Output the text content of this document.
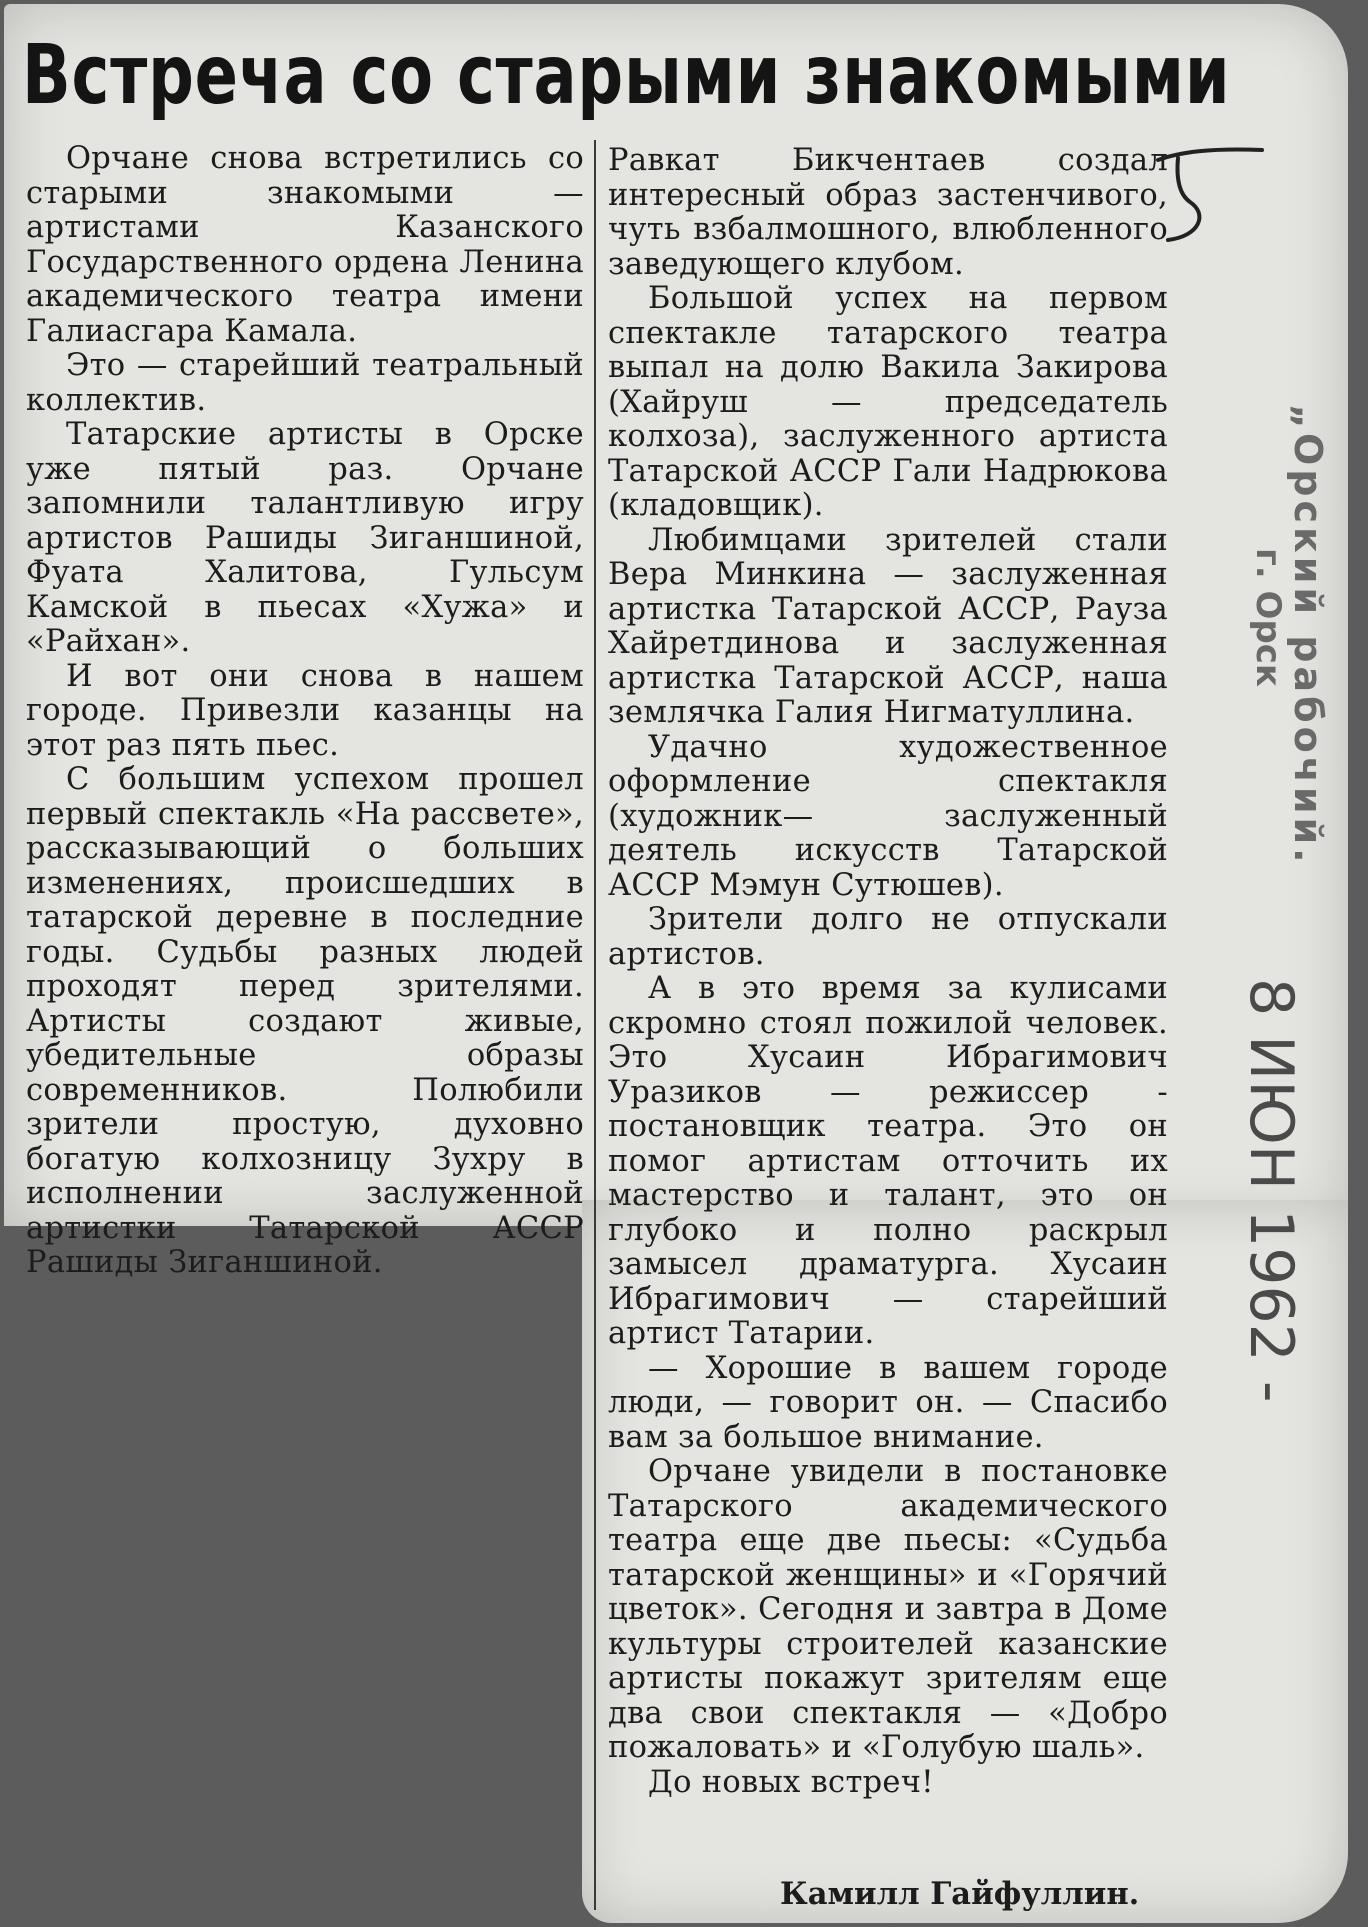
Встреча со старыми знакомыми

Орчане снова встретились со старыми знакомыми — артистами Казанского Государственного ордена Ленина академического театра имени Галиасгара Камала.

Это — старейший театральный коллектив.

Татарские артисты в Орске уже пятый раз. Орчане запомнили талантливую игру артистов Рашиды Зиганшиной, Фуата Халитова, Гульсум Камской в пьесах «Хужа» и «Райхан».

И вот они снова в нашем городе. Привезли казанцы на этот раз пять пьес.

С большим успехом прошел первый спектакль «На рассвете», рассказывающий о больших изменениях, происшедших в татарской деревне в последние годы. Судьбы разных людей проходят перед зрителями. Артисты создают живые, убедительные образы современников. Полюбили зрители простую, духовно богатую колхозницу Зухру в исполнении заслуженной артистки Татарской АССР Рашиды Зиганшиной.

Равкат Бикчентаев создал интересный образ застенчивого, чуть взбалмошного, влюбленного заведующего клубом.

Большой успех на первом спектакле татарского театра выпал на долю Вакила Закирова (Хайруш — председатель колхоза), заслуженного артиста Татарской АССР Гали Надрюкова (кладовщик).

Любимцами зрителей стали Вера Минкина — заслуженная артистка Татарской АССР, Рауза Хайретдинова и заслуженная артистка Татарской АССР, наша землячка Галия Нигматуллина.

Удачно художественное оформление спектакля (художник— заслуженный деятель искусств Татарской АССР Мэмун Сутюшев).

Зрители долго не отпускали артистов.

А в это время за кулисами скромно стоял пожилой человек. Это Хусаин Ибрагимович Уразиков — режиссер - постановщик театра. Это он помог артистам отточить их мастерство и талант, это он глубоко и полно раскрыл замысел драматурга. Хусаин Ибрагимович — старейший артист Татарии.

— Хорошие в вашем городе люди, — говорит он. — Спасибо вам за большое внимание.

Орчане увидели в постановке Татарского академического театра еще две пьесы: «Судьба татарской женщины» и «Горячий цветок». Сегодня и завтра в Доме культуры строителей казанские артисты покажут зрителям еще два свои спектакля — «Добро пожаловать» и «Голубую шаль».

До новых встреч!

Камилл Гайфуллин.
„Орский рабочий.
г. Орск
8 ИЮН 1962 -
